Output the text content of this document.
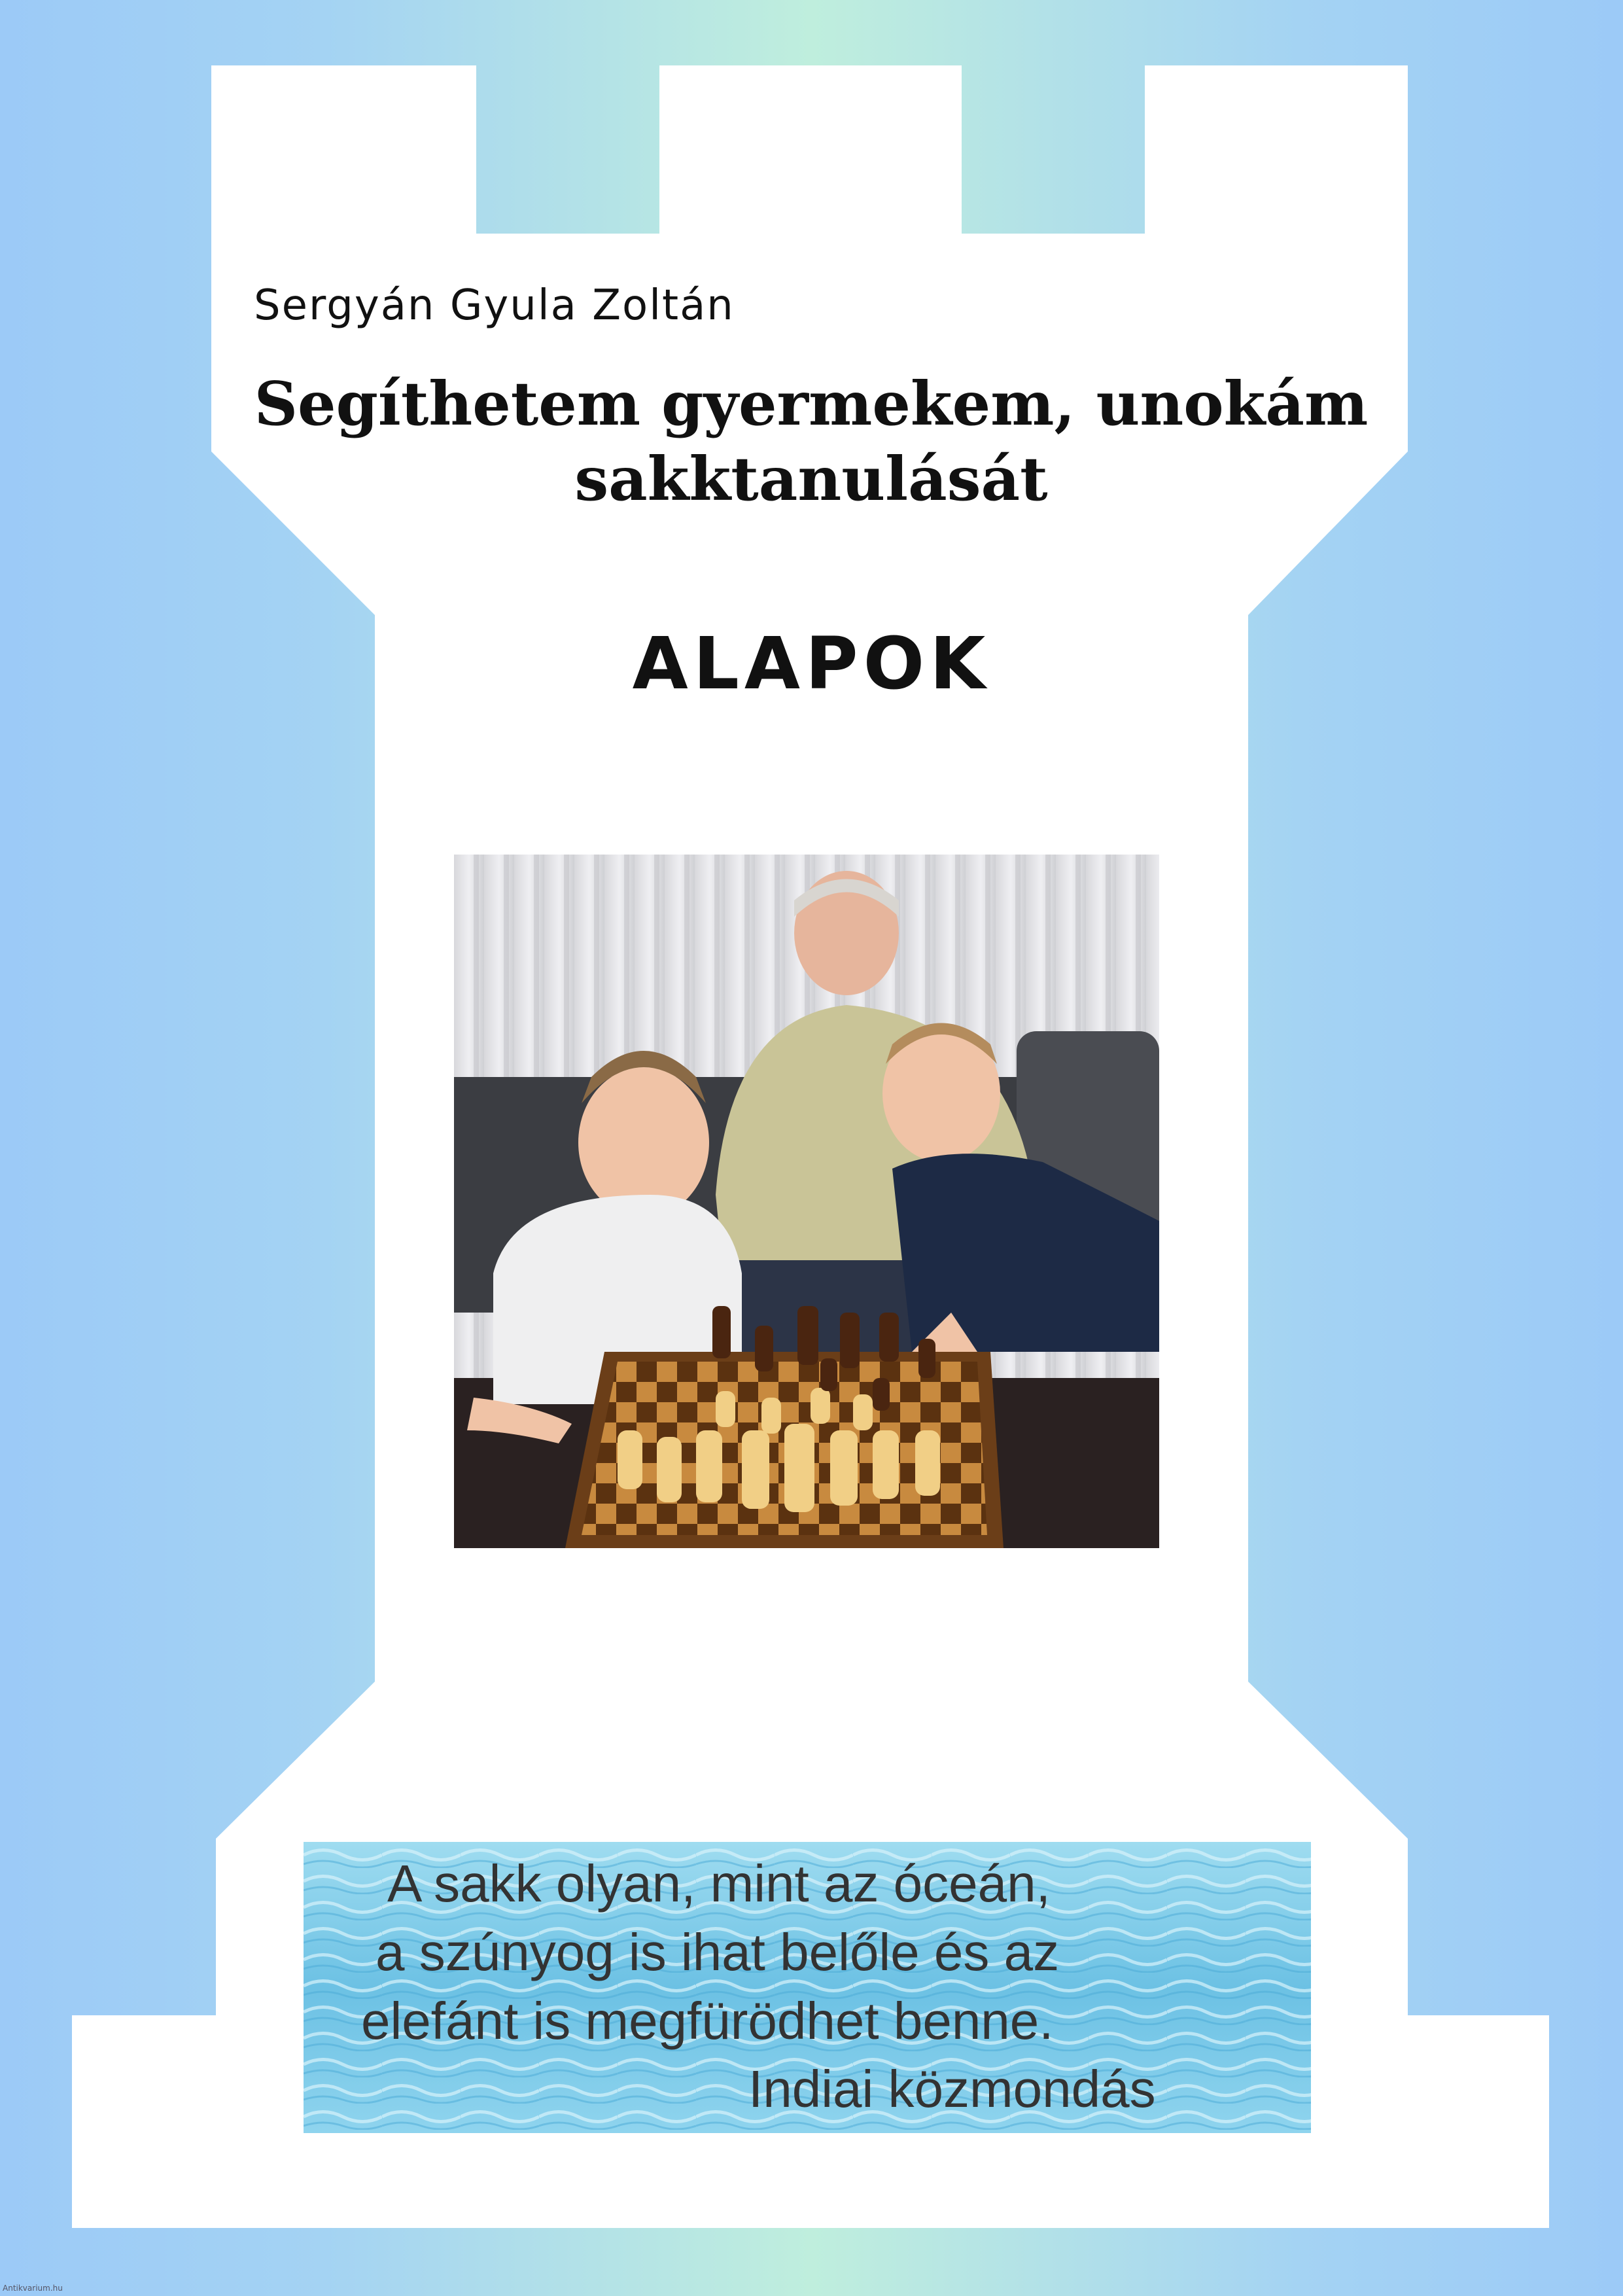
Sergyán Gyula Zoltán
Segíthetem gyermekem, unokám
sakktanulását
ALAPOK
A sakk olyan, mint az óceán,
a szúnyog is ihat belőle és az
elefánt is megfürödhet benne.
Indiai közmondás
Antikvarium.hu
